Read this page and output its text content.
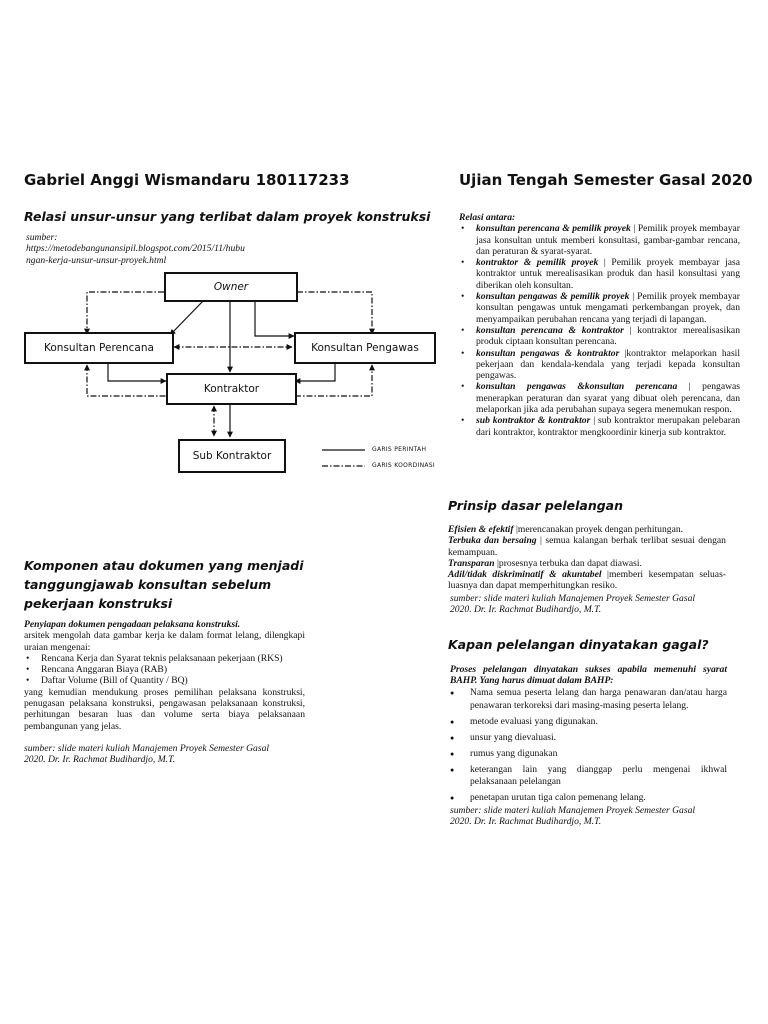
Gabriel Anggi Wismandaru 180117233	Ujian Tengah Semester Gasal 2020
Relasi unsur-unsur yang terlibat dalam proyek konstruksi
sumber:
https://metodebangunansipil.blogspot.com/2015/11/hubu
ngan-kerja-unsur-unsur-proyek.html
Owner
Konsultan Perencana	Konsultan Pengawas
Kontraktor
Sub Kontraktor
GARIS PERINTAH
GARIS KOORDINASI
Relasi antara:
• konsultan perencana & pemilik proyek | Pemilik proyek membayar jasa konsultan untuk memberi konsultasi, gambar-gambar rencana, dan peraturan & syarat-syarat.
• kontraktor & pemilik proyek | Pemilik proyek membayar jasa kontraktor untuk merealisasikan produk dan hasil konsultasi yang diberikan oleh konsultan.
• konsultan pengawas & pemilik proyek | Pemilik proyek membayar konsultan pengawas untuk mengamati perkembangan proyek, dan menyampaikan perubahan rencana yang terjadi di lapangan.
• konsultan perencana & kontraktor | kontraktor merealisasikan produk ciptaan konsultan perencana.
• konsultan pengawas & kontraktor |kontraktor melaporkan hasil pekerjaan dan kendala-kendala yang terjadi kepada konsultan pengawas.
• konsultan pengawas &konsultan perencana | pengawas menerapkan peraturan dan syarat yang dibuat oleh perencana, dan melaporkan jika ada perubahan supaya segera menemukan respon.
• sub kontraktor & kontraktor | sub kontraktor merupakan pelebaran dari kontraktor, kontraktor mengkoordinir kinerja sub kontraktor.
Prinsip dasar pelelangan
Efisien & efektif |merencanakan proyek dengan perhitungan.
Terbuka dan bersaing | semua kalangan berhak terlibat sesuai dengan kemampuan.
Transparan |prosesnya terbuka dan dapat diawasi.
Adil/tidak diskriminatif & akuntabel |memberi kesempatan seluas-luasnya dan dapat memperhitungkan resiko.
sumber: slide materi kuliah Manajemen Proyek Semester Gasal
2020. Dr. Ir. Rachmat Budihardjo, M.T.
Komponen atau dokumen yang menjadi
tanggungjawab konsultan sebelum
pekerjaan konstruksi
Penyiapan dokumen pengadaan pelaksana konstruksi.
arsitek mengolah data gambar kerja ke dalam format lelang, dilengkapi uraian mengenai:
• Rencana Kerja dan Syarat teknis pelaksanaan pekerjaan (RKS)
• Rencana Anggaran Biaya (RAB)
• Daftar Volume (Bill of Quantity / BQ)
yang kemudian mendukung proses pemilihan pelaksana konstruksi, penugasan pelaksana konstruksi, pengawasan pelaksanaan konstruksi, perhitungan besaran luas dan volume serta biaya pelaksanaan pembangunan yang jelas.
sumber: slide materi kuliah Manajemen Proyek Semester Gasal
2020. Dr. Ir. Rachmat Budihardjo, M.T.
Kapan pelelangan dinyatakan gagal?
Proses pelelangan dinyatakan sukses apabila memenuhi syarat BAHP. Yang harus dimuat dalam BAHP:
● Nama semua peserta lelang dan harga penawaran dan/atau harga penawaran terkoreksi dari masing-masing peserta lelang.
● metode evaluasi yang digunakan.
● unsur yang dievaluasi.
● rumus yang digunakan
● keterangan lain yang dianggap perlu mengenai ikhwal pelaksanaan pelelangan
● penetapan urutan tiga calon pemenang lelang.
sumber: slide materi kuliah Manajemen Proyek Semester Gasal
2020. Dr. Ir. Rachmat Budihardjo, M.T.
